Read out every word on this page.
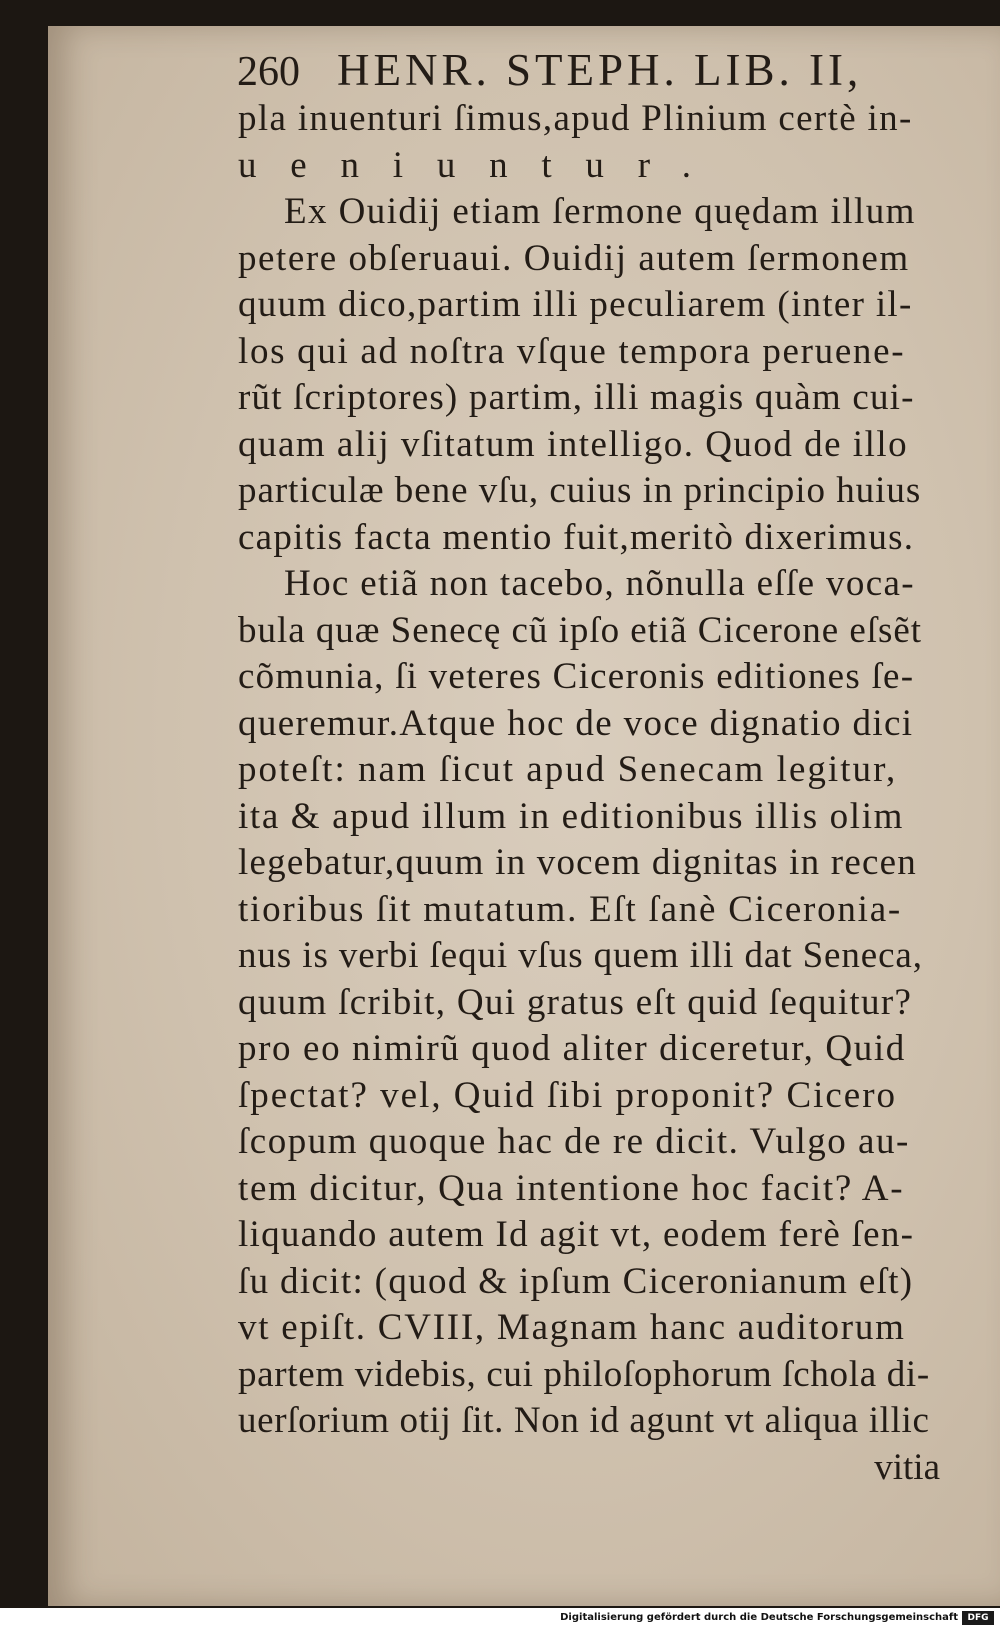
260 HENR. STEPH. LIB. II,
pla inuenturi ſimus,apud Plinium certè in-
ueniuntur.
Ex Ouidij etiam ſermone quędam illum
petere obſeruaui. Ouidij autem ſermonem
quum dico,partim illi peculiarem (inter il-
los qui ad noſtra vſque tempora peruene-
rũt ſcriptores) partim, illi magis quàm cui-
quam alij vſitatum intelligo. Quod de illo
particulæ bene vſu, cuius in principio huius
capitis facta mentio fuit,meritò dixerimus.
Hoc etiã non tacebo, nõnulla eſſe voca-
bula quæ Senecę cũ ipſo etiã Cicerone eſsẽt
cõmunia, ſi veteres Ciceronis editiones ſe-
queremur.Atque hoc de voce dignatio dici
poteſt: nam ſicut apud Senecam legitur,
ita & apud illum in editionibus illis olim
legebatur,quum in vocem dignitas in recen
tioribus ſit mutatum. Eſt ſanè Ciceronia-
nus is verbi ſequi vſus quem illi dat Seneca,
quum ſcribit, Qui gratus eſt quid ſequitur?
pro eo nimirũ quod aliter diceretur, Quid
ſpectat? vel, Quid ſibi proponit? Cicero
ſcopum quoque hac de re dicit. Vulgo au-
tem dicitur, Qua intentione hoc facit? A-
liquando autem Id agit vt, eodem ferè ſen-
ſu dicit: (quod & ipſum Ciceronianum eſt)
vt epiſt. CVIII, Magnam hanc auditorum
partem videbis, cui philoſophorum ſchola di-
uerſorium otij ſit. Non id agunt vt aliqua illic
vitia
Digitalisierung gefördert durch die Deutsche Forschungsgemeinschaft	DFG
